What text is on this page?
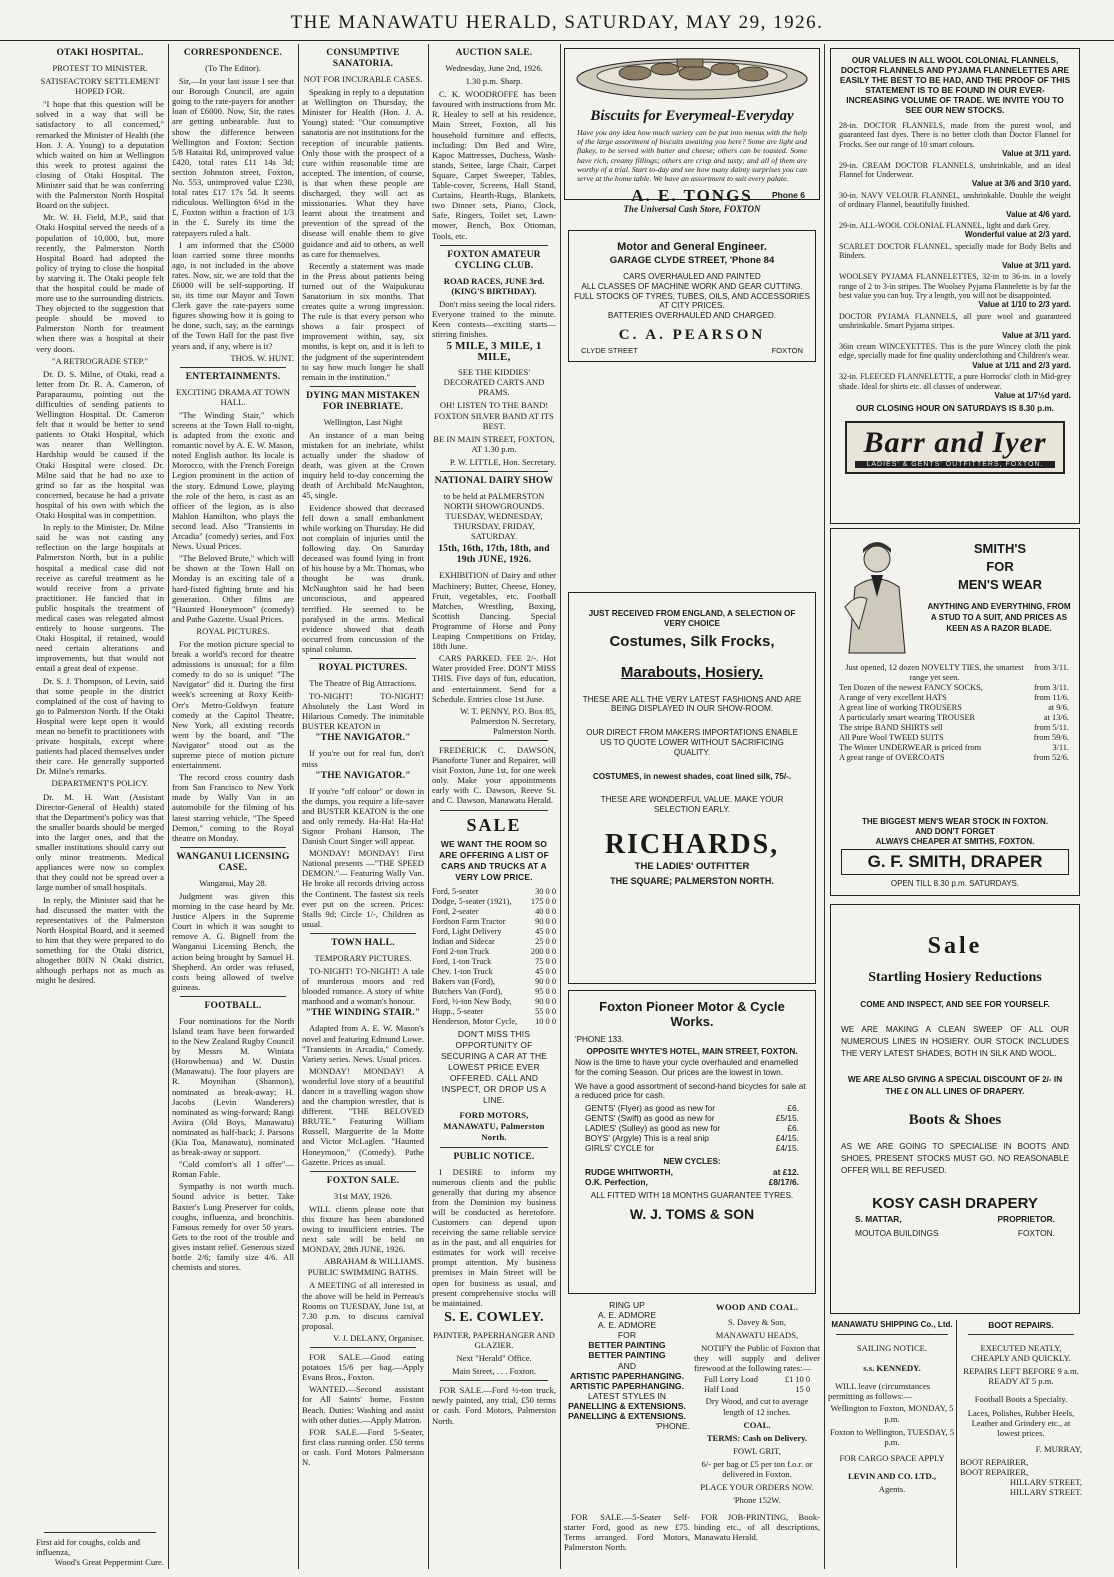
THE MANAWATU HERALD, SATURDAY, MAY 29, 1926.
OTAKI HOSPITAL.
PROTEST TO MINISTER.
SATISFACTORY SETTLEMENT HOPED FOR.

"I hope that this question will be solved in a way that will be satisfactory to all concerned," remarked the Minister of Health (the Hon. J. A. Young) to a deputation which waited on him at Wellington this week to protest against the closing of Otaki Hospital. The Minister said that he was conferring with the Palmerston North Hospital Board on the subject.

Mr. W. H. Field, M.P., said that Otaki Hospital served the needs of a population of 10,000, but, more recently, the Palmerston North Hospital Board had adopted the policy of trying to close the hospital by starving it. The Otaki people felt that the hospital could be made of more use to the surrounding districts. They objected to the suggestion that people should be moved to Palmerston North for treatment when there was a hospital at their very doors.

"A RETROGRADE STEP."

Dr. D. S. Milne, of Otaki, read a letter from Dr. R. A. Cameron, of Paraparaumu, pointing out the difficulties of sending patients to Wellington Hospital. Dr. Cameron felt that it would be better to send patients to Otaki Hospital, which was nearer than Wellington. Hardship would be caused if the Otaki Hospital were closed. Dr. Milne said that he had no axe to grind so far as the hospital was concerned, because he had a private hospital of his own with which the Otaki Hospital was in competition.

In reply to the Minister, Dr. Milne said he was not casting any reflection on the large hospitals at Palmerston North, but in a public hospital a medical case did not receive as careful treatment as he would receive from a private practitioner. He fancied that in public hospitals the treatment of medical cases was relegated almost entirely to house surgeons. The Otaki Hospital, if retained, would need certain alterations and improvements, but that would not entail a great deal of expense.

Dr. S. J. Thompson, of Levin, said that some people in the district complained of the cost of having to go to Palmerston North. If the Otaki Hospital were kept open it would mean no benefit to practitioners with private hospitals, except where patients had placed themselves under their care. He generally supported Dr. Milne's remarks.

DEPARTMENT'S POLICY.

Dr. M. H. Watt (Assistant Director-General of Health) stated that the Department's policy was that the smaller boards should be merged into the larger ones, and that the smaller institutions should carry out only minor treatments. Medical appliances were now so complex that they could not be spread over a large number of small hospitals.

In reply, the Minister said that he had discussed the matter with the representatives of the Palmerston North Hospital Board, and it seemed to him that they were prepared to do something for the Otaki district, altogether 80IN N Otaki district, although perhaps not as much as might be desired.

First aid for coughs, colds and influenza,
Wood's Great Peppermint Cure.
CORRESPONDENCE.
(To The Editor).

Sir,—In your last issue I see that our Borough Council, are again going to the rate-payers for another loan of £6000. Now, Sir, the rates are getting unbearable. Just to show the difference between Wellington and Foxton: Section 5/8 Hataitai Rd, unimproved value £420, total rates £11 14s 3d; section Johnston street, Foxton, No. 553, unimproved value £230, total rates £17 17s 5d. It seems ridiculous. Wellington 6½d in the £, Foxton within a fraction of 1/3 in the £. Surely its time the ratepayers ruled a halt.

I am informed that the £5000 loan carried some three months ago, is not included in the above rates. Now, sir, we are told that the £6000 will be self-supporting. If so, its time our Mayor and Town Clerk gave the rate-payers some figures showing how it is going to be done, such, say, as the earnings of the Town Hall for the past five years and, if any, where is it?

THOS. W. HUNT.
ENTERTAINMENTS.
EXCITING DRAMA AT TOWN HALL.

"The Winding Stair," which screens at the Town Hall to-night, is adapted from the exotic and romantic novel by A. E. W. Mason, noted English author. Its locale is Morocco, with the French Foreign Legion prominent in the action of the story. Edmund Lowe, playing the role of the hero, is cast as an officer of the legion, as is also Mahlon Hamilton, who plays the second lead. Also "Transients in Arcadia" (comedy) series, and Fox News. Usual Prices.

"The Beloved Brute," which will be shown at the Town Hall on Monday is an exciting tale of a hard-fisted fighting brute and his generation. Other films are "Haunted Honeymoon" (comedy) and Pathe Gazette. Usual Prices.

ROYAL PICTURES.

For the motion picture special to break a world's record for theatre admissions is unusual; for a film comedy to do so is unique! "The Navigator" did it. During the first week's screening at Roxy Keith-Orr's Metro-Goldwyn feature comedy at the Capitol Theatre, New York, all existing records went by the board, and "The Navigator" stood out as the supreme piece of motion picture entertainment.

The record cross country dash from San Francisco to New York made by Wally Van in an automobile for the filming of his latest starring vehicle, "The Speed Demon," coming to the Royal theatre on Monday.

WANGANUI LICENSING CASE.
Wanganui, May 28.

Judgment was given this morning in the case heard by Mr. Justice Alpers in the Supreme Court in which it was sought to remove A. G. Bignell from the Wanganui Licensing Bench, the action being brought by Samuel H. Shepherd. An order was refused, costs being allowed of twelve guineas.

FOOTBALL.

Four nominations for the North Island team have been forwarded to the New Zealand Rugby Council by Messrs M. Winiata (Horowhenua) and W. Dustin (Manawatu). The four players are R. Moynihan (Shannon), nominated as break-away; H. Jacobs (Levin Wanderers) nominated as wing-forward; Rangi Aviira (Old Boys, Manawatu) nominated as half-back; J. Parsons (Kia Toa, Manawatu), nominated as break-away or support.

"Cold comfort's all I offer"—Roman Fable.

Sympathy is not worth much. Sound advice is better. Take Baxter's Lung Preserver for colds, coughs, influenza, and bronchitis. Famous remedy for over 50 years. Gets to the root of the trouble and gives instant relief. Generous sized bottle 2/6; family size 4/6. All chemists and stores.

CONSUMPTIVE SANATORIA.
NOT FOR INCURABLE CASES.

Speaking in reply to a deputation at Wellington on Thursday, the Minister for Health (Hon. J. A. Young) stated: "Our consumptive sanatoria are not institutions for the reception of incurable patients. Only those with the prospect of a cure within reasonable time are accepted. The intention, of course, is that when these people are discharged, they will act as missionaries. What they have learnt about the treatment and prevention of the spread of the disease will enable them to give guidance and aid to others, as well as care for themselves.

Recently a statement was made in the Press about patients being turned out of the Waipukurau Sanatorium in six months. That creates quite a wrong impression. The rule is that every person who shows a fair prospect of improvement within, say, six months, is kept on, and it is left to the judgment of the superintendent to say how much longer he shall remain in the institution."

DYING MAN MISTAKEN FOR INEBRIATE.
Wellington, Last Night

An instance of a man being mistaken for an inebriate, whilst actually under the shadow of death, was given at the Crown inquiry held to-day concerning the death of Archibald McNaughton, 45, single.

Evidence showed that deceased fell down a small embankment while working on Thursday. He did not complain of injuries until the following day. On Saturday deceased was found lying in front of his house by a Mr. Thomas, who thought he was drunk. McNaughton said he had been unconscious, and appeared terrified. He seemed to be paralysed in the arms. Medical evidence showed that death occurred from concussion of the spinal column.

ROYAL PICTURES.
The Theatre of Big Attractions.

TO-NIGHT! TO-NIGHT! Absolutely the Last Word in Hilarious Comedy. The inimitable BUSTER KEATON in

"THE NAVIGATOR."

If you're out for real fun, don't miss

"THE NAVIGATOR."

If you're "off colour" or down in the dumps, you require a life-saver and BUSTER KEATON is the one and only remedy. Ha-Ha! Ha-Ha! Signor Probani Hanson, The Danish Court Singer will appear.

MONDAY! MONDAY! First National presents —"THE SPEED DEMON."— Featuring Wally Van. He broke all records driving across the Continent. The fastest six reels ever put on the screen. Prices: Stalls 9d; Circle 1/-, Children as usual.

TOWN HALL.
TEMPORARY PICTURES.

TO-NIGHT! TO-NIGHT! A tale of murderous moors and red blooded romance. A story of white manhood and a woman's honour.

"THE WINDING STAIR."

Adapted from A. E. W. Mason's novel and featuring Edmund Lowe. "Transients in Arcadia," Comedy. Variety series. News. Usual prices.

MONDAY! MONDAY! A wonderful love story of a beautiful dancer in a travelling wagon show and the champion wrestler, that is different. "THE BELOVED BRUTE." Featuring William Russell, Marguerite de la Motte and Victor McLaglen. "Haunted Honeymoon," (Comedy). Pathe Gazette. Prices as usual.

FOXTON SALE.
31st MAY, 1926.

WILL clients please note that this fixture has been abandoned owing to insufficient entries. The next sale will be held on MONDAY, 28th JUNE, 1926.

ABRAHAM & WILLIAMS.
PUBLIC SWIMMING BATHS.

A MEETING of all interested in the above will be held in Perreau's Rooms on TUESDAY, June 1st, at 7.30 p.m. to discuss carnival proposal.

V. J. DELANY, Organiser.

FOR SALE.—Good eating potatoes 15/6 per bag.—Apply Evans Bros., Foxton.

WANTED.—Second assistant for All Saints' home, Foxton Beach. Duties: Washing and assist with other duties.—Apply Matron.

FOR SALE.—Ford 5-Seater, first class running order. £50 terms or cash. Ford Motors Palmerston N.

AUCTION SALE.
Wednesday, June 2nd, 1926.
1.30 p.m. Sharp.

C. K. WOODROFFE has been favoured with instructions from Mr. R. Healey to sell at his residence, Main Street, Foxton, all his household furniture and effects, including: Dm Bed and Wire, Kapoc Mattresses, Duchess, Wash-stands, Settee, large Chair, Carpet Square, Carpet Sweeper, Tables, Table-cover, Screens, Hall Stand, Curtains, Hearth-Rugs, Blankets, two Dinner sets, Piano, Clock, Safe, Ringers, Toilet set, Lawn-mower, Bench, Box Ottoman, Tools, etc.

FOXTON AMATEUR CYCLING CLUB.
ROAD RACES, JUNE 3rd. (KING'S BIRTHDAY).

Don't miss seeing the local riders. Everyone trained to the minute. Keen contests—exciting starts—stirring finishes.

5 MILE, 3 MILE, 1 MILE,
SEE THE KIDDIES' DECORATED CARTS AND PRAMS.
OH! LISTEN TO THE BAND! FOXTON SILVER BAND AT ITS BEST.
BE IN MAIN STREET, FOXTON, AT 1.30 p.m.
P. W. LITTLE, Hon. Secretary.
NATIONAL DAIRY SHOW
to be held at PALMERSTON NORTH SHOWGROUNDS. TUESDAY, WEDNESDAY, THURSDAY, FRIDAY, SATURDAY.
15th, 16th, 17th, 18th, and 19th JUNE, 1926.

EXHIBITION of Dairy and other Machinery; Butter, Cheese, Honey, Fruit, vegetables, etc. Football Matches, Wrestling, Boxing, Scottish Dancing. Special Programme of Horse and Pony Leaping Competitions on Friday, 18th June.

CARS PARKED. FEE 2/-. Hot Water provided Free. DON'T MISS THIS. Five days of fun, education, and entertainment. Send for a Schedule. Entries close 1st June.

W. T. PENNY, P.O. Box 85, Palmerston N. Secretary, Palmerston North.

FREDERICK C. DAWSON, Pianoforte Tuner and Repairer, will visit Foxton, June 1st, for one week only. Make your appointments early with C. Dawson, Reeve St. and C. Dawson, Manawatu Herald.

SALE
WE WANT THE ROOM SO ARE OFFERING A LIST OF CARS AND TRUCKS AT A VERY LOW PRICE.
Ford, 5-seater	30 0 0
Dodge, 5-seater (1921),	175 0 0
Ford, 2-seater	40 0 0
Fordson Farm Tractor	90 0 0
Ford, Light Delivery	45 0 0
Indian and Sidecar	25 0 0
Ford 2-ton Truck	200 0 0
Ford, 1-ton Truck	75 0 0
Chev. 1-ton Truck	45 0 0
Bakers van (Ford),	90 0 0
Butchers Van (Ford),	95 0 0
Ford, ½-ton New Body,	90 0 0
Hupp., 5-seater	55 0 0
Henderson, Motor Cycle,	10 0 0
DON'T MISS THIS OPPORTUNITY OF SECURING A CAR AT THE LOWEST PRICE EVER OFFERED. CALL AND INSPECT, OR DROP US A LINE.
FORD MOTORS, MANAWATU, Palmerston North.
PUBLIC NOTICE.

I DESIRE to inform my numerous clients and the public generally that during my absence from the Dominion my business will be conducted as heretofore. Customers can depend upon receiving the same reliable service as in the past, and all enquiries for estimates for work will receive prompt attention. My business premises in Main Street will be open for business as usual, and present comprehensive stocks will be maintained.

S. E. COWLEY.
PAINTER, PAPERHANGER AND GLAZIER.
Next "Herald" Office.
Main Street, . . . Foxton.

FOR SALE.—Ford ½-ton truck, newly painted, any trial, £50 terms or cash. Ford Motors, Palmerston North.

Biscuits for Everymeal-Everyday
Have you any idea how much variety can be put into menus with the help of the large assortment of biscuits awaiting you here? Some are light and flakey, to be served with butter and cheese; others can be toasted. Some have rich, creamy fillings; others are crisp and tasty; and all of them are worthy of a trial. Start to-day and see how many dainty surprises you can serve at the home table. We have an assortment to suit every palate.
A. E. TONGS Phone 6
The Universal Cash Store, FOXTON
Motor and General Engineer.
GARAGE CLYDE STREET, 'Phone 84
CARS OVERHAULED AND PAINTED
ALL CLASSES OF MACHINE WORK AND GEAR CUTTING.
FULL STOCKS OF TYRES, TUBES, OILS, AND ACCESSORIES AT CITY PRICES.
BATTERIES OVERHAULED AND CHARGED.
C. A. PEARSON
CLYDE STREET	FOXTON
JUST RECEIVED FROM ENGLAND, A SELECTION OF VERY CHOICE
Costumes, Silk Frocks,
Marabouts, Hosiery.
THESE ARE ALL THE VERY LATEST FASHIONS AND ARE BEING DISPLAYED IN OUR SHOW-ROOM.
OUR DIRECT FROM MAKERS IMPORTATIONS ENABLE US TO QUOTE LOWER WITHOUT SACRIFICING QUALITY.
COSTUMES, in newest shades, coat lined silk, 75/-.
THESE ARE WONDERFUL VALUE. MAKE YOUR SELECTION EARLY.
RICHARDS,
THE LADIES' OUTFITTER
THE SQUARE; PALMERSTON NORTH.
Foxton Pioneer Motor & Cycle Works.
'PHONE 133.
OPPOSITE WHYTE'S HOTEL, MAIN STREET, FOXTON.
Now is the time to have your cycle overhauled and enamelled for the coming Season. Our prices are the lowest in town.
We have a good assortment of second-hand bicycles for sale at a reduced price for cash.
GENTS' (Flyer) as good as new for	£6.
GENTS' (Swift) as good as new for	£5/15.
LADIES' (Sulley) as good as new for	£6.
BOYS' (Argyle) This is a real snip	£4/15.
GIRLS' CYCLE for	£4/15.
NEW CYCLES:
RUDGE WHITWORTH,	at £12.
O.K. Perfection,	£8/17/6.
ALL FITTED WITH 18 MONTHS GUARANTEE TYRES.
W. J. TOMS & SON
RING UP
A. E. ADMORE
A. E. ADMORE
FOR
BETTER PAINTING
BETTER PAINTING
AND
ARTISTIC PAPERHANGING.
ARTISTIC PAPERHANGING.
LATEST STYLES IN
PANELLING & EXTENSIONS.
PANELLING & EXTENSIONS.
'PHONE.

FOR SALE.—5-Seater Self-starter Ford, good as new £75. Terms arranged. Ford Motors, Palmerston North.

WOOD AND COAL.
S. Davey & Son,
MANAWATU HEADS,

NOTIFY the Public of Foxton that they will supply and deliver firewood at the following rates:—

Full Lorry Load	£1 10 0
Half Load	15 0
Dry Wood, and cut to average length of 12 inches.
COAL.
TERMS: Cash on Delivery.
FOWL GRIT,
6/- per bag or £5 per ton f.o.r. or delivered in Foxton.
PLACE YOUR ORDERS NOW.
'Phone 152W.

FOR JOB-PRINTING, Book-binding etc., of all descriptions, Manawatu Herald.

OUR VALUES IN ALL WOOL COLONIAL FLANNELS, DOCTOR FLANNELS AND PYJAMA FLANNELETTES ARE EASILY THE BEST TO BE HAD, AND THE PROOF OF THIS STATEMENT IS TO BE FOUND IN OUR EVER-INCREASING VOLUME OF TRADE. WE INVITE YOU TO SEE OUR NEW STOCKS.
28-in. DOCTOR FLANNELS, made from the purest wool, and guaranteed fast dyes. There is no better cloth than Doctor Flannel for Frocks. See our range of 10 smart colours.
Value at 3/11 yard.
29-in. CREAM DOCTOR FLANNELS, unshrinkable, and an ideal Flannel for Underwear.
Value at 3/6 and 3/10 yard.
30-in. NAVY VELOUR FLANNEL, unshrinkable. Double the weight of ordinary Flannel, beautifully finished.
Value at 4/6 yard.
29-in. ALL-WOOL COLONIAL FLANNEL, light and dark Grey.
Wonderful value at 2/3 yard.
SCARLET DOCTOR FLANNEL, specially made for Body Belts and Binders.
Value at 3/11 yard.
WOOLSEY PYJAMA FLANNELETTES, 32-in to 36-in. in a lovely range of 2 to 3-in stripes. The Woolsey Pyjama Flannelette is by far the best value you can buy. Try a length, you will not be disappointed.
Value at 1/10 to 2/3 yard.
DOCTOR PYJAMA FLANNELS, all pure wool and guaranteed unshrinkable. Smart Pyjama stripes.
Value at 3/11 yard.
36in cream WINCEYETTES. This is the pure Wincey cloth the pink edge, specially made for fine quality underclothing and Children's wear.
Value at 1/11 and 2/3 yard.
32-in. FLEECED FLANNELETTE, a pure Horrocks' cloth in Mid-grey shade. Ideal for shirts etc. all classes of underwear.
Value at 1/7½d yard.
OUR CLOSING HOUR ON SATURDAYS IS 8.30 p.m.
Barr and Iyer
LADIES' & GENTS' OUTFITTERS, FOXTON.
SMITH'S
FOR
MEN'S WEAR
ANYTHING AND EVERYTHING, FROM A STUD TO A SUIT, AND PRICES AS KEEN AS A RAZOR BLADE.
Just opened, 12 dozen NOVELTY TIES, the smartest range yet seen.
from 3/11.
Ten Dozen of the newest FANCY SOCKS,	from 3/11.
A range of very excellent HATS	from 11/6.
A great line of working TROUSERS	at 9/6.
A particularly smart wearing TROUSER	at 13/6.
The stripe BAND SHIRTS sell	from 5/11.
All Pure Wool TWEED SUITS	from 59/6.
The Winter UNDERWEAR is priced from	3/11.
A great range of OVERCOATS	from 52/6.
THE BIGGEST MEN'S WEAR STOCK IN FOXTON.
AND DON'T FORGET
ALWAYS CHEAPER AT SMITHS, FOXTON.
G. F. SMITH, DRAPER
OPEN TILL 8.30 p.m. SATURDAYS.
Sale
Startling Hosiery Reductions
COME AND INSPECT, AND SEE FOR YOURSELF.
WE ARE MAKING A CLEAN SWEEP OF ALL OUR NUMEROUS LINES IN HOSIERY. OUR STOCK INCLUDES THE VERY LATEST SHADES, BOTH IN SILK AND WOOL.
WE ARE ALSO GIVING A SPECIAL DISCOUNT OF 2/- IN THE £ ON ALL LINES OF DRAPERY.
Boots & Shoes
AS WE ARE GOING TO SPECIALISE IN BOOTS AND SHOES, PRESENT STOCKS MUST GO. NO REASONABLE OFFER WILL BE REFUSED.
KOSY CASH DRAPERY
S. MATTAR,	PROPRIETOR.
MOUTOA BUILDINGS	FOXTON.
MANAWATU SHIPPING Co., Ltd.
SAILING NOTICE.
s.s. KENNEDY.

WILL leave (circumstances permitting as follows:—

Wellington to Foxton, MONDAY, 5 p.m.
Foxton to Wellington, TUESDAY, 5 p.m.
FOR CARGO SPACE APPLY
LEVIN AND CO. LTD.,
Agents.
BOOT REPAIRS.
EXECUTED NEATLY, CHEAPLY AND QUICKLY.
REPAIRS LEFT BEFORE 9 a.m. READY AT 5 p.m.
Football Boots a Specialty.
Laces, Polishes, Rubber Heels, Leather and Grindery etc., at lowest prices.
F. MURRAY,
BOOT REPAIRER,
BOOT REPAIRER,
HILLARY STREET,
HILLARY STREET.
